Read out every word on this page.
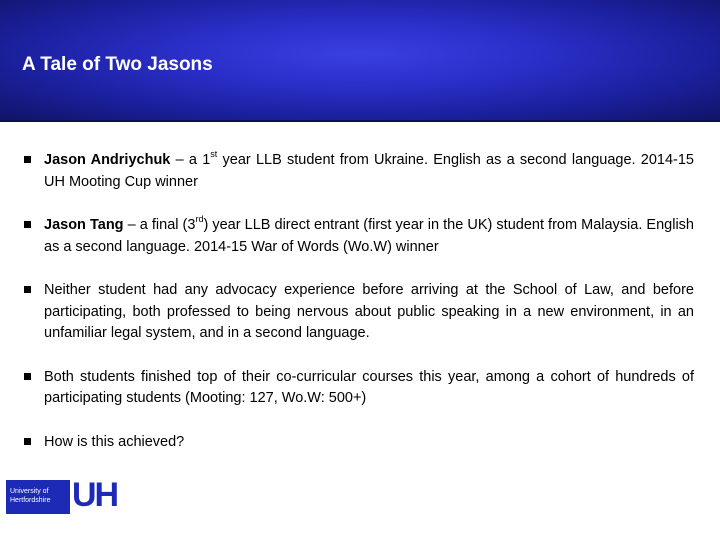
A Tale of Two Jasons
Jason Andriychuk – a 1st year LLB student from Ukraine. English as a second language. 2014-15 UH Mooting Cup winner
Jason Tang – a final (3rd) year LLB direct entrant (first year in the UK) student from Malaysia. English as a second language. 2014-15 War of Words (Wo.W) winner
Neither student had any advocacy experience before arriving at the School of Law, and before participating, both professed to being nervous about public speaking in a new environment, in an unfamiliar legal system, and in a second language.
Both students finished top of their co-curricular courses this year, among a cohort of hundreds of participating students (Mooting: 127, Wo.W: 500+)
How is this achieved?
University of
Hertfordshire UH
